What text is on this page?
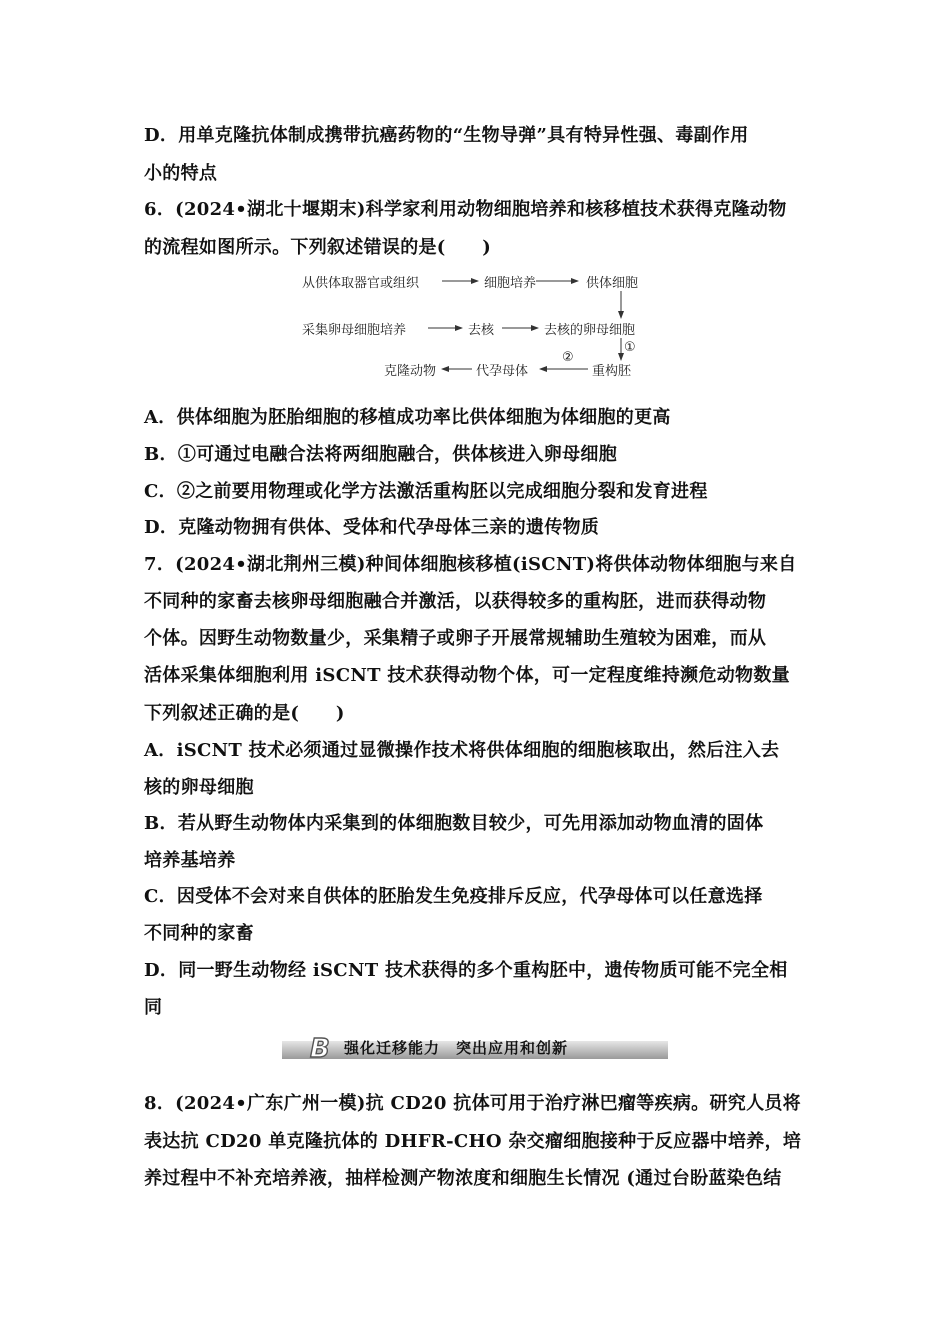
D．用单克隆抗体制成携带抗癌药物的“生物导弹”具有特异性强、毒副作用
小的特点
6．(2024•湖北十堰期末)科学家利用动物细胞培养和核移植技术获得克隆动物
的流程如图所示。下列叙述错误的是(　　)
从供体取器官或组织	细胞培养	供体细胞
采集卵母细胞培养	去核	去核的卵母细胞
①
②
克隆动物	代孕母体	重构胚
A．供体细胞为胚胎细胞的移植成功率比供体细胞为体细胞的更高
B．①可通过电融合法将两细胞融合，供体核进入卵母细胞
C．②之前要用物理或化学方法激活重构胚以完成细胞分裂和发育进程
D．克隆动物拥有供体、受体和代孕母体三亲的遗传物质
7．(2024•湖北荆州三模)种间体细胞核移植(iSCNT)将供体动物体细胞与来自
不同种的家畜去核卵母细胞融合并激活，以获得较多的重构胚，进而获得动物
个体。因野生动物数量少，采集精子或卵子开展常规辅助生殖较为困难，而从
活体采集体细胞利用 iSCNT 技术获得动物个体，可一定程度维持濒危动物数量
下列叙述正确的是(　　)
A．iSCNT 技术必须通过显微操作技术将供体细胞的细胞核取出，然后注入去
核的卵母细胞
B．若从野生动物体内采集到的体细胞数目较少，可先用添加动物血清的固体
培养基培养
C．因受体不会对来自供体的胚胎发生免疫排斥反应，代孕母体可以任意选择
不同种的家畜
D．同一野生动物经 iSCNT 技术获得的多个重构胚中，遗传物质可能不完全相
同
B 强化迁移能力　突出应用和创新
8．(2024•广东广州一模)抗 CD20 抗体可用于治疗淋巴瘤等疾病。研究人员将
表达抗 CD20 单克隆抗体的 DHFR-CHO 杂交瘤细胞接种于反应器中培养，培
养过程中不补充培养液，抽样检测产物浓度和细胞生长情况 (通过台盼蓝染色结
